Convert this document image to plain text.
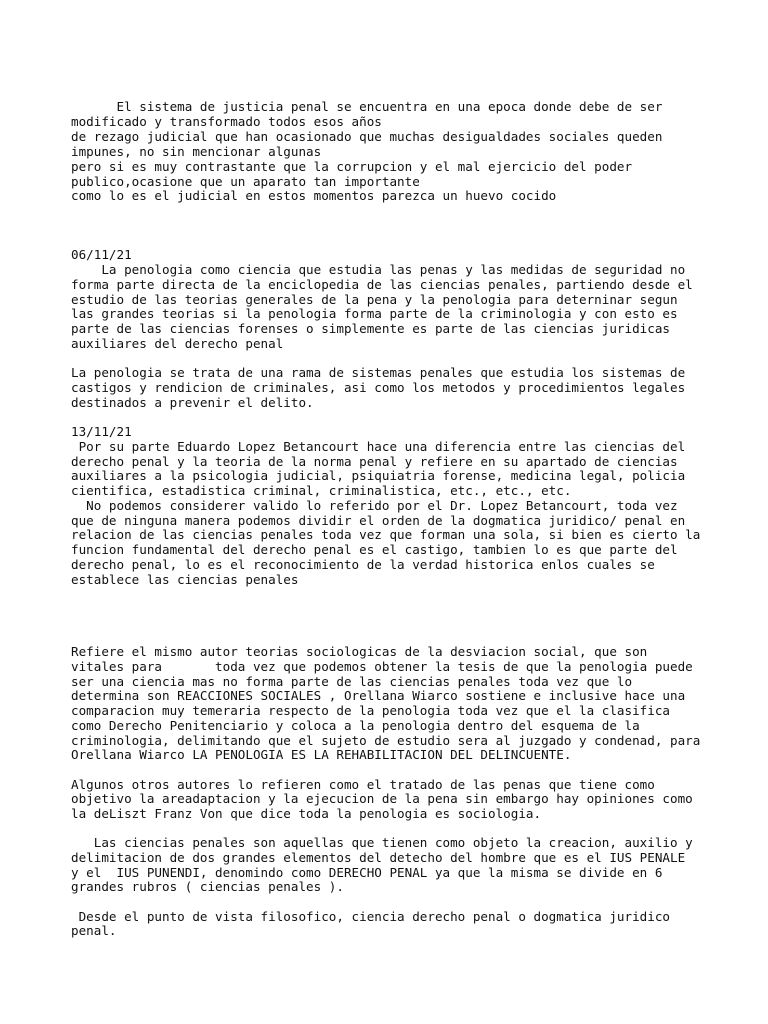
El sistema de justicia penal se encuentra en una epoca donde debe de ser
modificado y transformado todos esos años
de rezago judicial que han ocasionado que muchas desigualdades sociales queden
impunes, no sin mencionar algunas
pero si es muy contrastante que la corrupcion y el mal ejercicio del poder
publico,ocasione que un aparato tan importante
como lo es el judicial en estos momentos parezca un huevo cocido
06/11/21
La penologia como ciencia que estudia las penas y las medidas de seguridad no
forma parte directa de la enciclopedia de las ciencias penales, partiendo desde el
estudio de las teorias generales de la pena y la penologia para deterninar segun
las grandes teorias si la penologia forma parte de la criminologia y con esto es
parte de las ciencias forenses o simplemente es parte de las ciencias juridicas
auxiliares del derecho penal
La penologia se trata de una rama de sistemas penales que estudia los sistemas de
castigos y rendicion de criminales, asi como los metodos y procedimientos legales
destinados a prevenir el delito.
13/11/21
Por su parte Eduardo Lopez Betancourt hace una diferencia entre las ciencias del
derecho penal y la teoria de la norma penal y refiere en su apartado de ciencias
auxiliares a la psicologia judicial, psiquiatria forense, medicina legal, policia
cientifica, estadistica criminal, criminalistica, etc., etc., etc.
No podemos considerer valido lo referido por el Dr. Lopez Betancourt, toda vez
que de ninguna manera podemos dividir el orden de la dogmatica juridico/ penal en
relacion de las ciencias penales toda vez que forman una sola, si bien es cierto la
funcion fundamental del derecho penal es el castigo, tambien lo es que parte del
derecho penal, lo es el reconocimiento de la verdad historica enlos cuales se
establece las ciencias penales
Refiere el mismo autor teorias sociologicas de la desviacion social, que son
vitales para       toda vez que podemos obtener la tesis de que la penologia puede
ser una ciencia mas no forma parte de las ciencias penales toda vez que lo
determina son REACCIONES SOCIALES , Orellana Wiarco sostiene e inclusive hace una
comparacion muy temeraria respecto de la penologia toda vez que el la clasifica
como Derecho Penitenciario y coloca a la penologia dentro del esquema de la
criminologia, delimitando que el sujeto de estudio sera al juzgado y condenad, para
Orellana Wiarco LA PENOLOGIA ES LA REHABILITACION DEL DELINCUENTE.
Algunos otros autores lo refieren como el tratado de las penas que tiene como
objetivo la areadaptacion y la ejecucion de la pena sin embargo hay opiniones como
la deLiszt Franz Von que dice toda la penologia es sociologia.
Las ciencias penales son aquellas que tienen como objeto la creacion, auxilio y
delimitacion de dos grandes elementos del detecho del hombre que es el IUS PENALE
y el  IUS PUNENDI, denomindo como DERECHO PENAL ya que la misma se divide en 6
grandes rubros ( ciencias penales ).
Desde el punto de vista filosofico, ciencia derecho penal o dogmatica juridico
penal.
